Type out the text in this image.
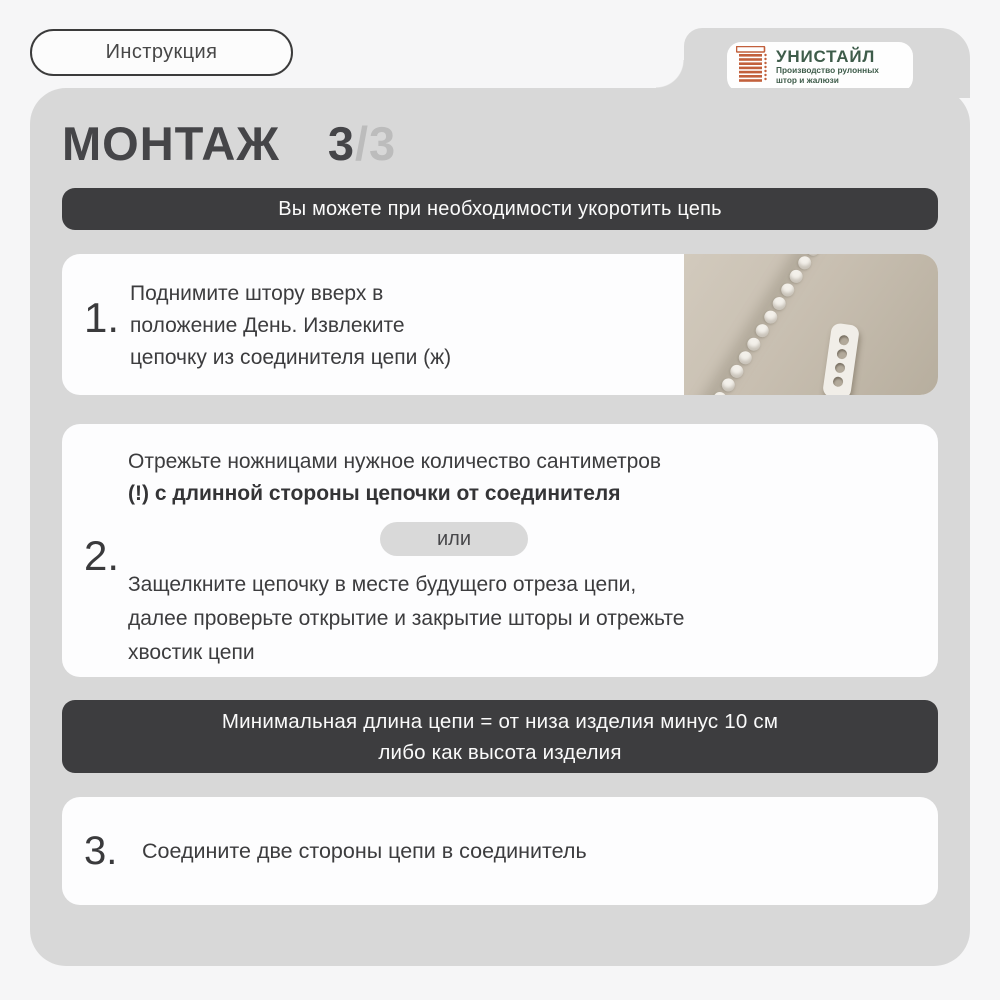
Инструкция	УНИСТАЙЛ
Производство рулонных
штор и жалюзи
МОНТАЖ 3/3
Вы можете при необходимости укоротить цепь
1.
Поднимите штору вверх в
положение День. Извлеките
цепочку из соединителя цепи (ж)
2.
Отрежьте ножницами нужное количество сантиметров
(!) с длинной стороны цепочки от соединителя
или
Защелкните цепочку в месте будущего отреза цепи,
далее проверьте открытие и закрытие шторы и отрежьте
хвостик цепи
Минимальная длина цепи = от низа изделия минус 10 см
либо как высота изделия
3.	Соедините две стороны цепи в соединитель
